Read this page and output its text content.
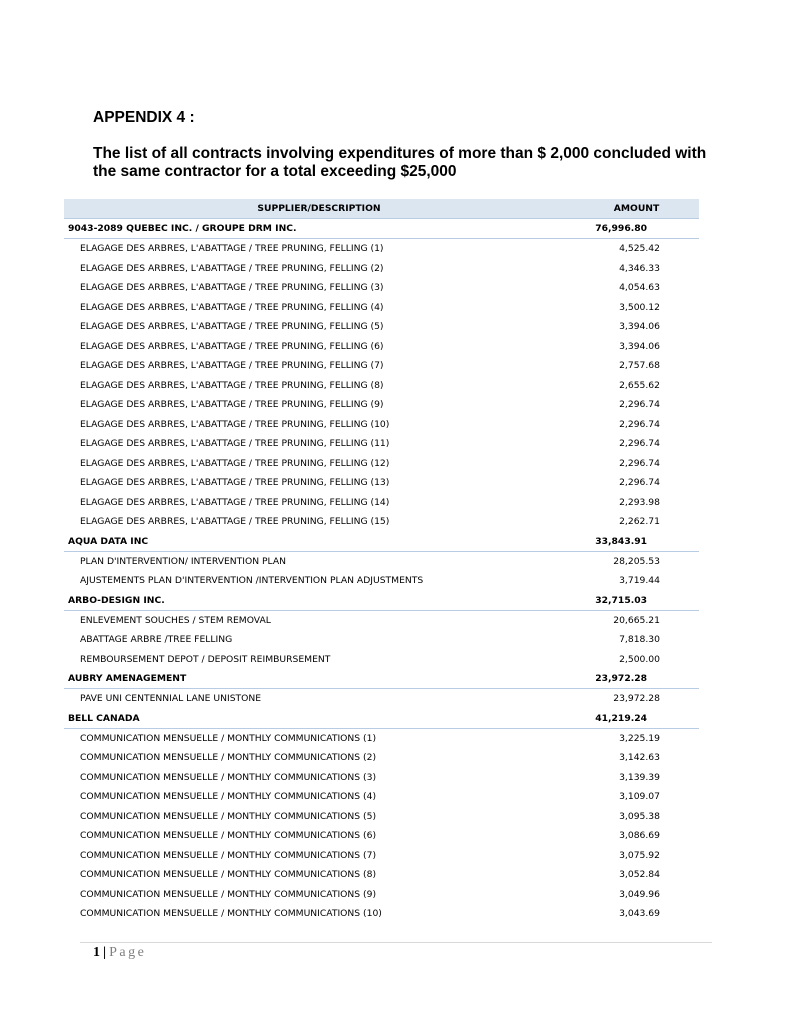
APPENDIX 4 :
The list of all contracts involving expenditures of more than $ 2,000 concluded with the same contractor for a total exceeding $25,000
SUPPLIER/DESCRIPTION	AMOUNT
9043-2089 QUEBEC INC. / GROUPE DRM INC.	76,996.80
ELAGAGE DES ARBRES, L'ABATTAGE / TREE PRUNING, FELLING (1)	4,525.42
ELAGAGE DES ARBRES, L'ABATTAGE / TREE PRUNING, FELLING (2)	4,346.33
ELAGAGE DES ARBRES, L'ABATTAGE / TREE PRUNING, FELLING (3)	4,054.63
ELAGAGE DES ARBRES, L'ABATTAGE / TREE PRUNING, FELLING (4)	3,500.12
ELAGAGE DES ARBRES, L'ABATTAGE / TREE PRUNING, FELLING (5)	3,394.06
ELAGAGE DES ARBRES, L'ABATTAGE / TREE PRUNING, FELLING (6)	3,394.06
ELAGAGE DES ARBRES, L'ABATTAGE / TREE PRUNING, FELLING (7)	2,757.68
ELAGAGE DES ARBRES, L'ABATTAGE / TREE PRUNING, FELLING (8)	2,655.62
ELAGAGE DES ARBRES, L'ABATTAGE / TREE PRUNING, FELLING (9)	2,296.74
ELAGAGE DES ARBRES, L'ABATTAGE / TREE PRUNING, FELLING (10)	2,296.74
ELAGAGE DES ARBRES, L'ABATTAGE / TREE PRUNING, FELLING (11)	2,296.74
ELAGAGE DES ARBRES, L'ABATTAGE / TREE PRUNING, FELLING (12)	2,296.74
ELAGAGE DES ARBRES, L'ABATTAGE / TREE PRUNING, FELLING (13)	2,296.74
ELAGAGE DES ARBRES, L'ABATTAGE / TREE PRUNING, FELLING (14)	2,293.98
ELAGAGE DES ARBRES, L'ABATTAGE / TREE PRUNING, FELLING (15)	2,262.71
AQUA DATA INC	33,843.91
PLAN D'INTERVENTION/ INTERVENTION PLAN	28,205.53
AJUSTEMENTS PLAN D'INTERVENTION /INTERVENTION PLAN ADJUSTMENTS	3,719.44
ARBO-DESIGN INC.	32,715.03
ENLEVEMENT SOUCHES / STEM REMOVAL	20,665.21
ABATTAGE ARBRE /TREE FELLING	7,818.30
REMBOURSEMENT DEPOT / DEPOSIT REIMBURSEMENT	2,500.00
AUBRY AMENAGEMENT	23,972.28
PAVE UNI CENTENNIAL LANE UNISTONE	23,972.28
BELL CANADA	41,219.24
COMMUNICATION MENSUELLE / MONTHLY COMMUNICATIONS (1)	3,225.19
COMMUNICATION MENSUELLE / MONTHLY COMMUNICATIONS (2)	3,142.63
COMMUNICATION MENSUELLE / MONTHLY COMMUNICATIONS (3)	3,139.39
COMMUNICATION MENSUELLE / MONTHLY COMMUNICATIONS (4)	3,109.07
COMMUNICATION MENSUELLE / MONTHLY COMMUNICATIONS (5)	3,095.38
COMMUNICATION MENSUELLE / MONTHLY COMMUNICATIONS (6)	3,086.69
COMMUNICATION MENSUELLE / MONTHLY COMMUNICATIONS (7)	3,075.92
COMMUNICATION MENSUELLE / MONTHLY COMMUNICATIONS (8)	3,052.84
COMMUNICATION MENSUELLE / MONTHLY COMMUNICATIONS (9)	3,049.96
COMMUNICATION MENSUELLE / MONTHLY COMMUNICATIONS (10)	3,043.69
1 | Page
